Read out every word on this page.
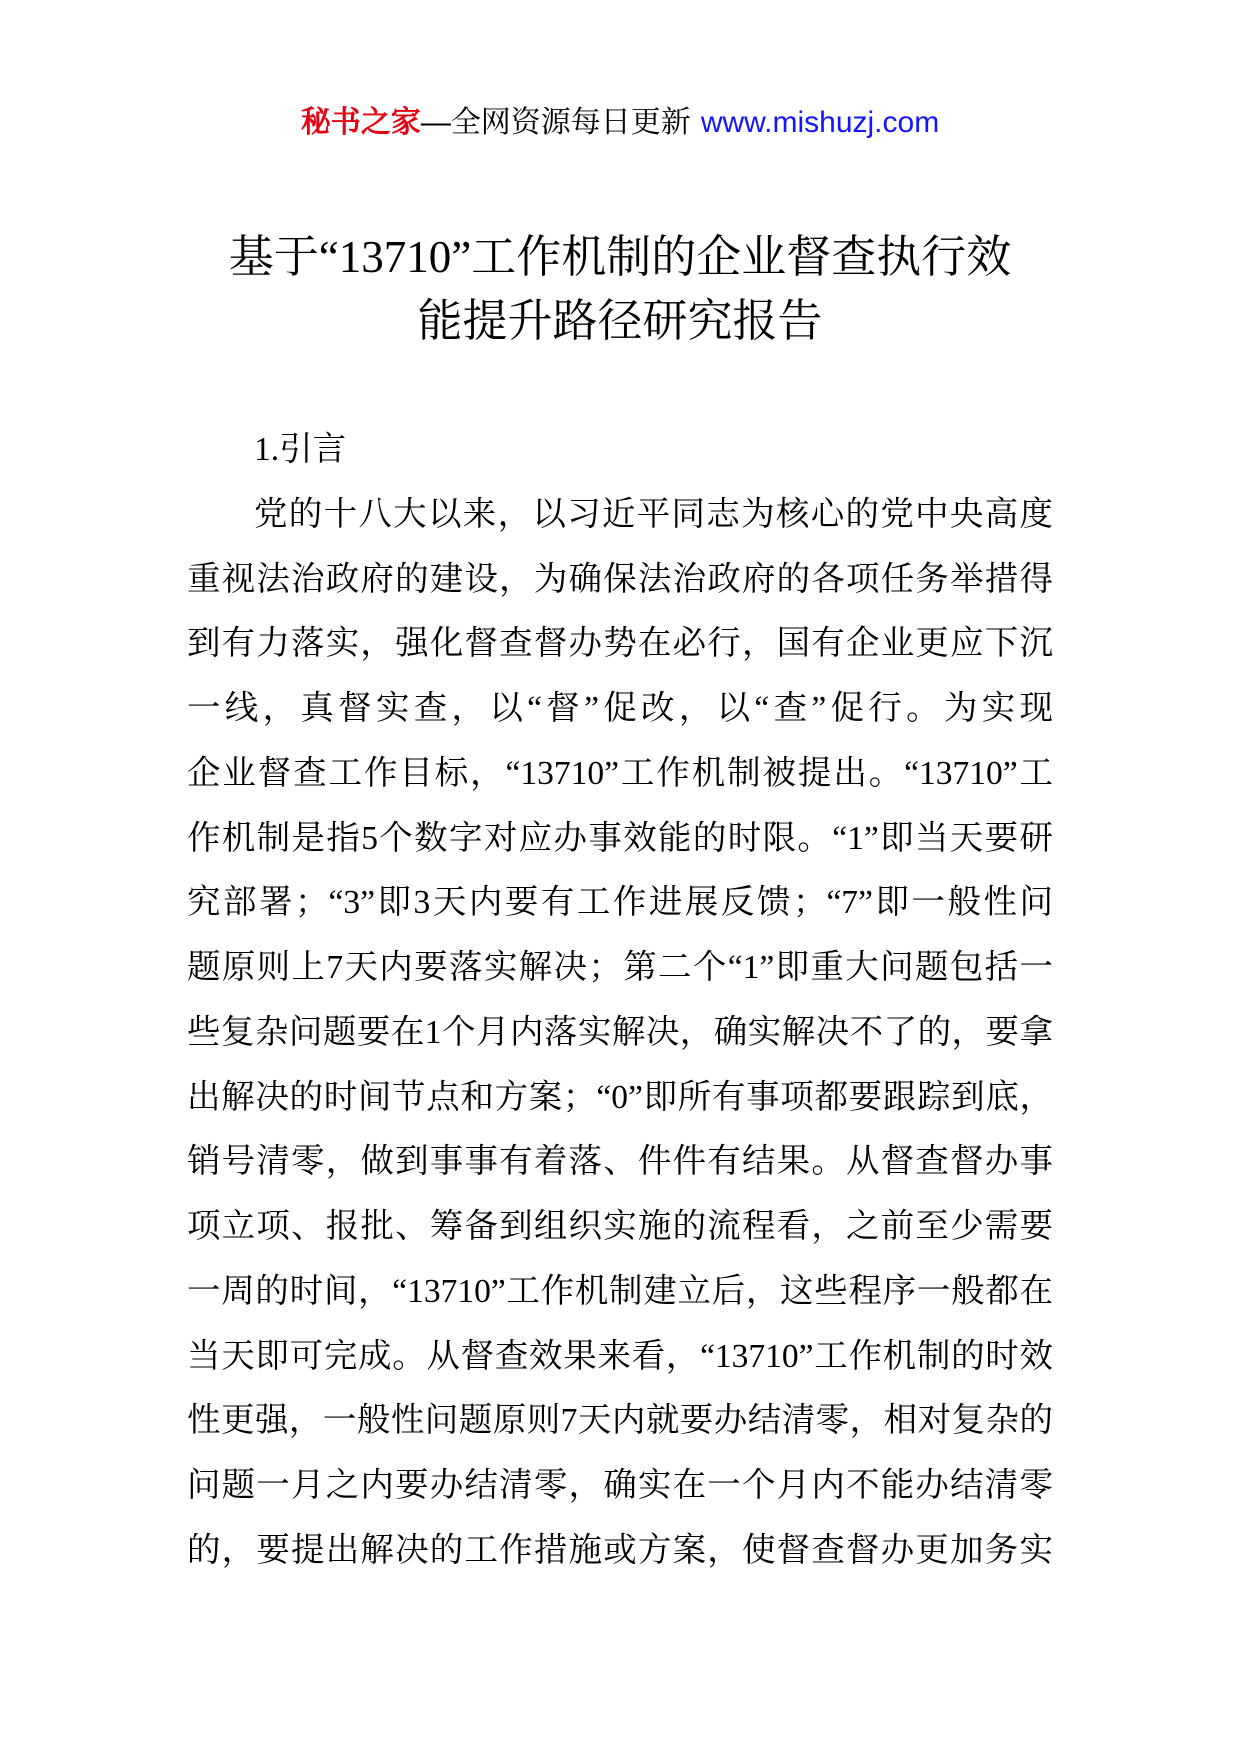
秘书之家—全网资源每日更新 www.mishuzj.com
基于“13710”工作机制的企业督查执行效
能提升路径研究报告
1.引言
党的十八大以来，以习近平同志为核心的党中央高度
重视法治政府的建设，为确保法治政府的各项任务举措得
到有力落实，强化督查督办势在必行，国有企业更应下沉
一线，真督实查，以“督”促改，以“查”促行。为实现
企业督查工作目标，“13710”工作机制被提出。“13710”工
作机制是指5个数字对应办事效能的时限。“1”即当天要研
究部署；“3”即3天内要有工作进展反馈；“7”即一般性问
题原则上7天内要落实解决；第二个“1”即重大问题包括一
些复杂问题要在1个月内落实解决，确实解决不了的，要拿
出解决的时间节点和方案；“0”即所有事项都要跟踪到底，
销号清零，做到事事有着落、件件有结果。从督查督办事
项立项、报批、筹备到组织实施的流程看，之前至少需要
一周的时间，“13710”工作机制建立后，这些程序一般都在
当天即可完成。从督查效果来看，“13710”工作机制的时效
性更强，一般性问题原则7天内就要办结清零，相对复杂的
问题一月之内要办结清零，确实在一个月内不能办结清零
的，要提出解决的工作措施或方案，使督查督办更加务实
